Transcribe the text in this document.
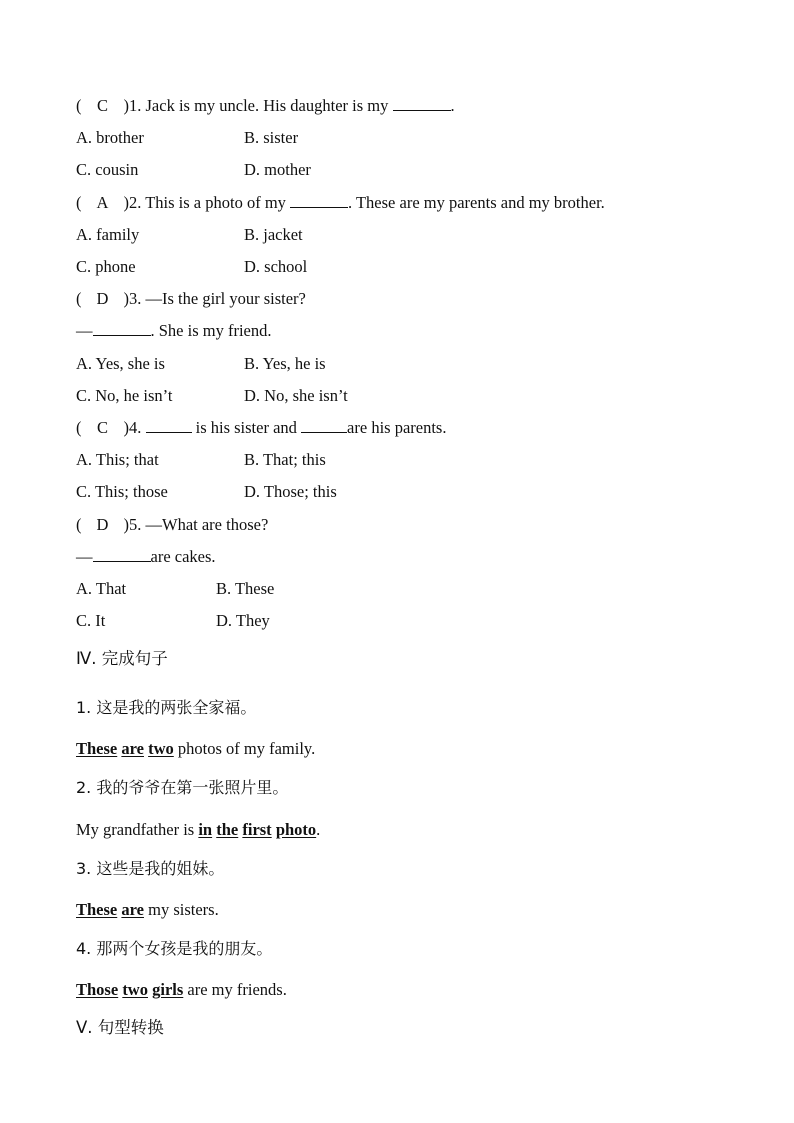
( C )1. Jack is my uncle. His daughter is my	.
A. brother	B. sister
C. cousin	D. mother
( A )2. This is a photo of my	. These are my parents and my brother.
A. family	B. jacket
C. phone	D. school
( D )3. —Is the girl your sister?
—	. She is my friend.
A. Yes, she is	B. Yes, he is
C. No, he isn’t	D. No, she isn’t
( C )4.	is his sister and	are his parents.
A. This; that	B. That; this
C. This; those	D. Those; this
( D )5. —What are those?
—	are cakes.
A. That	B. These
C. It	D. They
Ⅳ. 完成句子
1. 这是我的两张全家福。
These are two photos of my family.
2. 我的爷爷在第一张照片里。
My grandfather is in the first photo.
3. 这些是我的姐妹。
These are my sisters.
4. 那两个女孩是我的朋友。
Those two girls are my friends.
Ⅴ. 句型转换
